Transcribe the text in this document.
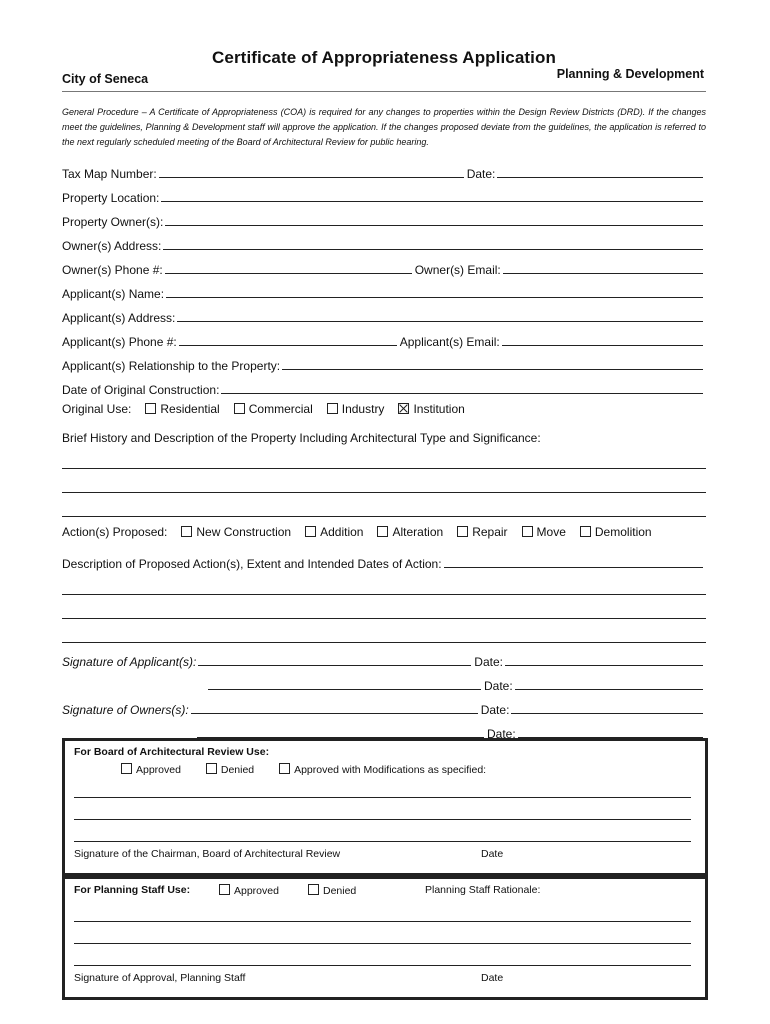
Certificate of Appropriateness Application
City of Seneca	Planning & Development
General Procedure – A Certificate of Appropriateness (COA) is required for any changes to properties within the Design Review Districts (DRD). If the changes meet the guidelines, Planning & Development staff will approve the application. If the changes proposed deviate from the guidelines, the application is referred to the next regularly scheduled meeting of the Board of Architectural Review for public hearing.
Tax Map Number:	Date:
Property Location:
Property Owner(s):
Owner(s) Address:
Owner(s) Phone #:	Owner(s) Email:
Applicant(s) Name:
Applicant(s) Address:
Applicant(s) Phone #:	Applicant(s) Email:
Applicant(s) Relationship to the Property:
Date of Original Construction:
Original Use:	Residential	Commercial	Industry	Institution
Brief History and Description of the Property Including Architectural Type and Significance:
Action(s) Proposed:	New Construction	Addition	Alteration	Repair	Move	Demolition
Description of Proposed Action(s), Extent and Intended Dates of Action:
Signature of Applicant(s):	Date:
Date:
Signature of Owners(s):	Date:
Date:
For Board of Architectural Review Use:
Approved	Denied	Approved with Modifications as specified:
Signature of the Chairman, Board of Architectural Review	Date
For Planning Staff Use:	Approved	Denied	Planning Staff Rationale:
Signature of Approval, Planning Staff	Date
